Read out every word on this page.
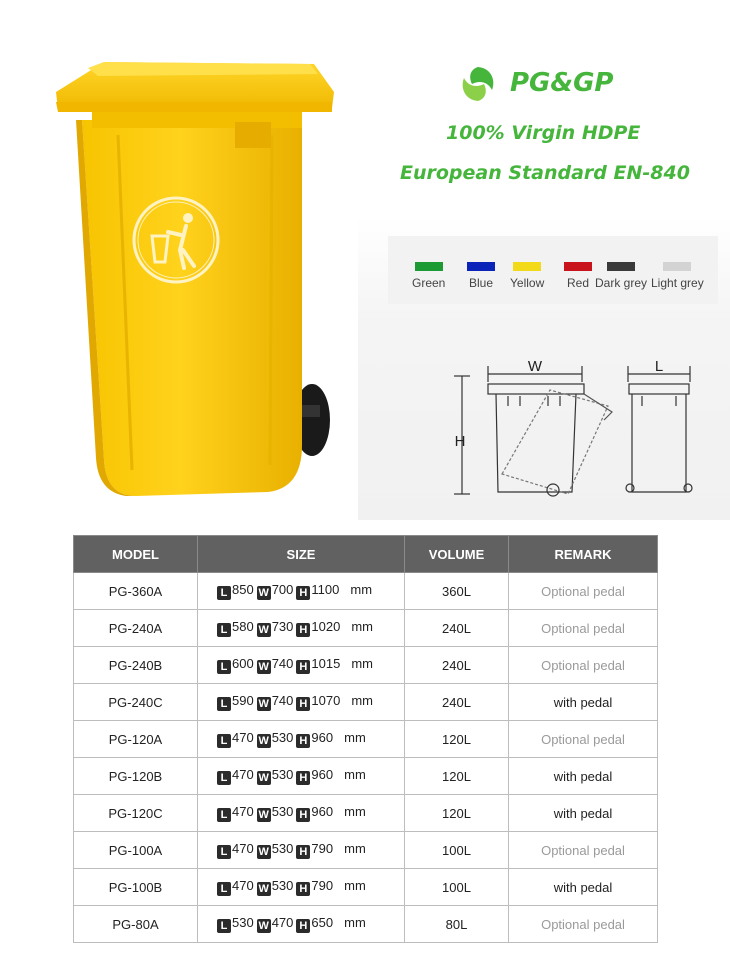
PG&GP
100% Virgin HDPE
European Standard EN-840
Green Blue Yellow Red Dark grey Light grey
H
W	L
MODEL	SIZE	VOLUME	REMARK
PG-360A	L 850 W 700 H 1100 mm	360L	Optional pedal
PG-240A	L 580 W 730 H 1020 mm	240L	Optional pedal
PG-240B	L 600 W 740 H 1015 mm	240L	Optional pedal
PG-240C	L 590 W 740 H 1070 mm	240L	with pedal
PG-120A	L 470 W 530 H 960 mm	120L	Optional pedal
PG-120B	L 470 W 530 H 960 mm	120L	with pedal
PG-120C	L 470 W 530 H 960 mm	120L	with pedal
PG-100A	L 470 W 530 H 790 mm	100L	Optional pedal
PG-100B	L 470 W 530 H 790 mm	100L	with pedal
PG-80A	L 530 W 470 H 650 mm	80L	Optional pedal
